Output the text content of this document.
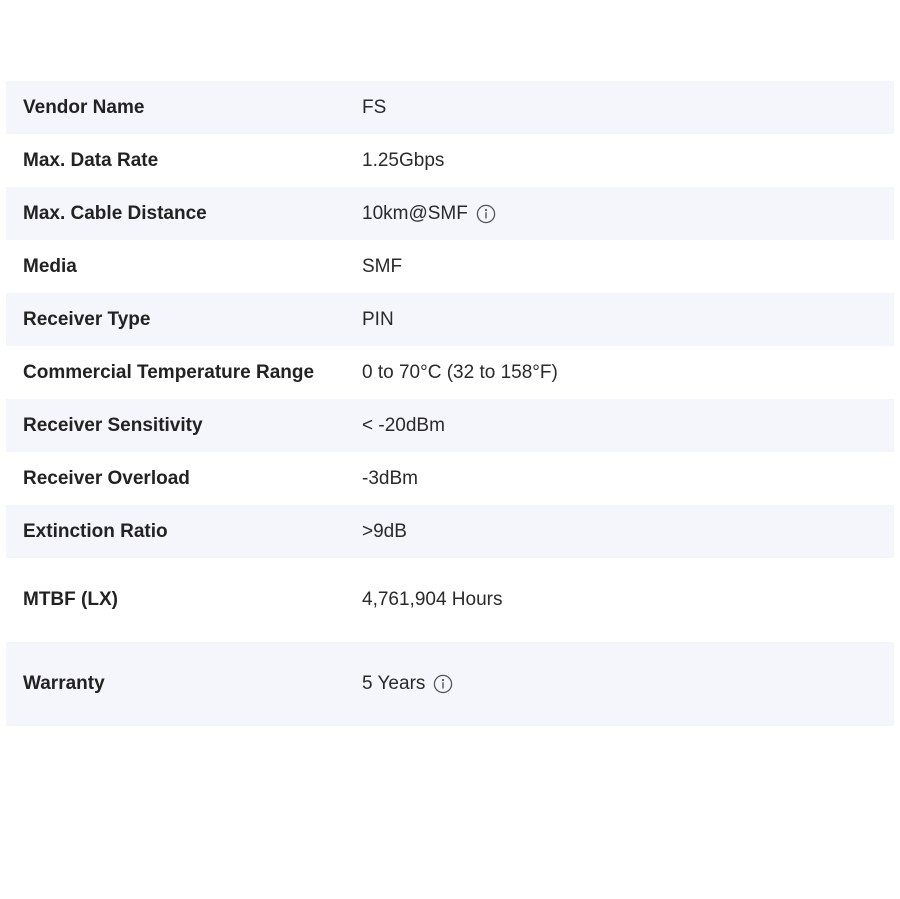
Vendor Name	FS
Max. Data Rate	1.25Gbps
Max. Cable Distance	10km@SMF
Media	SMF
Receiver Type	PIN
Commercial Temperature Range	0 to 70°C (32 to 158°F)
Receiver Sensitivity	< -20dBm
Receiver Overload	-3dBm
Extinction Ratio	>9dB
MTBF (LX)	4,761,904 Hours
Warranty	5 Years
